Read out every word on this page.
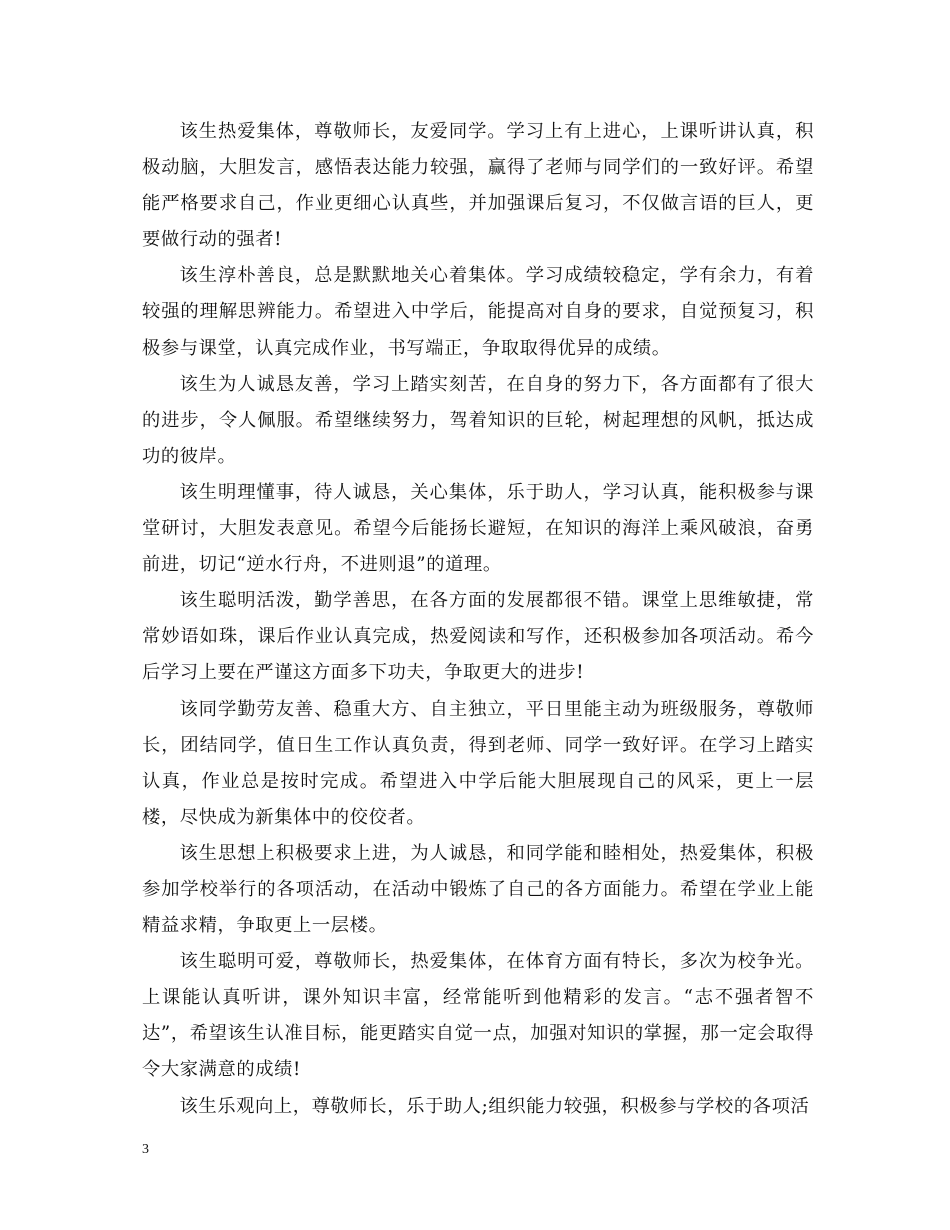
该生热爱集体，尊敬师长，友爱同学。学习上有上进心，上课听讲认真，积极动脑，大胆发言，感悟表达能力较强，赢得了老师与同学们的一致好评。希望能严格要求自己，作业更细心认真些，并加强课后复习，不仅做言语的巨人，更要做行动的强者!

该生淳朴善良，总是默默地关心着集体。学习成绩较稳定，学有余力，有着较强的理解思辨能力。希望进入中学后，能提高对自身的要求，自觉预复习，积极参与课堂，认真完成作业，书写端正，争取取得优异的成绩。

该生为人诚恳友善，学习上踏实刻苦，在自身的努力下，各方面都有了很大的进步，令人佩服。希望继续努力，驾着知识的巨轮，树起理想的风帆，抵达成功的彼岸。

该生明理懂事，待人诚恳，关心集体，乐于助人，学习认真，能积极参与课堂研讨，大胆发表意见。希望今后能扬长避短，在知识的海洋上乘风破浪，奋勇前进，切记“逆水行舟，不进则退”的道理。

该生聪明活泼，勤学善思，在各方面的发展都很不错。课堂上思维敏捷，常常妙语如珠，课后作业认真完成，热爱阅读和写作，还积极参加各项活动。希今后学习上要在严谨这方面多下功夫，争取更大的进步!

该同学勤劳友善、稳重大方、自主独立，平日里能主动为班级服务，尊敬师长，团结同学，值日生工作认真负责，得到老师、同学一致好评。在学习上踏实认真，作业总是按时完成。希望进入中学后能大胆展现自己的风采，更上一层楼，尽快成为新集体中的佼佼者。

该生思想上积极要求上进，为人诚恳，和同学能和睦相处，热爱集体，积极参加学校举行的各项活动，在活动中锻炼了自己的各方面能力。希望在学业上能精益求精，争取更上一层楼。

该生聪明可爱，尊敬师长，热爱集体，在体育方面有特长，多次为校争光。上课能认真听讲，课外知识丰富，经常能听到他精彩的发言。“志不强者智不达”，希望该生认准目标，能更踏实自觉一点，加强对知识的掌握，那一定会取得令大家满意的成绩!

该生乐观向上，尊敬师长，乐于助人;组织能力较强，积极参与学校的各项活

3
